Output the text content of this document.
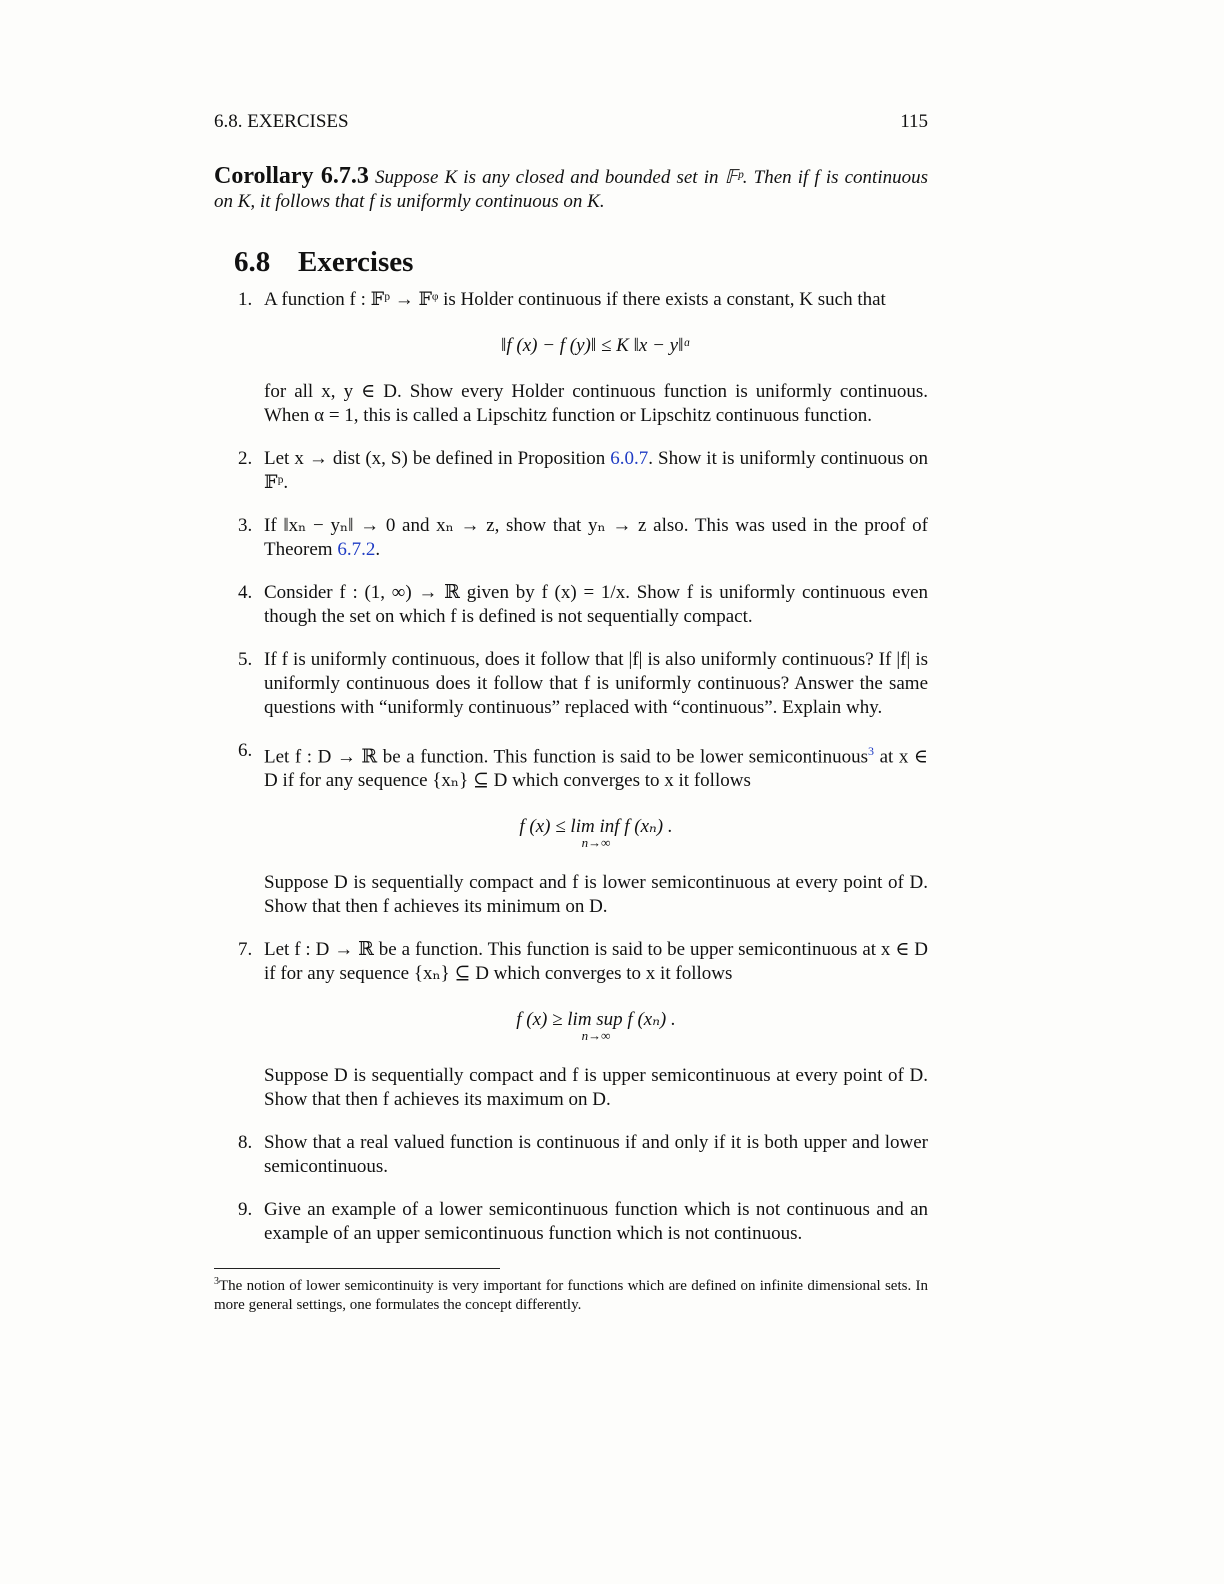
6.8. EXERCISES	115
Corollary 6.7.3 Suppose K is any closed and bounded set in 𝔽ᵖ. Then if f is continuous on K, it follows that f is uniformly continuous on K.
6.8 Exercises
1. A function f : 𝔽ᵖ → 𝔽ᵠ is Holder continuous if there exists a constant, K such that
‖f (x) − f (y)‖ ≤ K ‖x − y‖ᵅ
for all x, y ∈ D. Show every Holder continuous function is uniformly continuous. When α = 1, this is called a Lipschitz function or Lipschitz continuous function.
2. Let x → dist (x, S) be defined in Proposition 6.0.7. Show it is uniformly continuous on 𝔽ᵖ.
3. If ‖xₙ − yₙ‖ → 0 and xₙ → z, show that yₙ → z also. This was used in the proof of Theorem 6.7.2.
4. Consider f : (1, ∞) → ℝ given by f (x) = 1/x. Show f is uniformly continuous even though the set on which f is defined is not sequentially compact.
5. If f is uniformly continuous, does it follow that |f| is also uniformly continuous? If |f| is uniformly continuous does it follow that f is uniformly continuous? Answer the same questions with “uniformly continuous” replaced with “continuous”. Explain why.
6. Let f : D → ℝ be a function. This function is said to be lower semicontinuous$^3$ at x ∈ D if for any sequence {xₙ} ⊆ D which converges to x it follows
f (x) ≤ lim inf f (xₙ) .
n→∞
Suppose D is sequentially compact and f is lower semicontinuous at every point of D. Show that then f achieves its minimum on D.
7. Let f : D → ℝ be a function. This function is said to be upper semicontinuous at x ∈ D if for any sequence {xₙ} ⊆ D which converges to x it follows
f (x) ≥ lim sup f (xₙ) .
n→∞
Suppose D is sequentially compact and f is upper semicontinuous at every point of D. Show that then f achieves its maximum on D.
8. Show that a real valued function is continuous if and only if it is both upper and lower semicontinuous.
9. Give an example of a lower semicontinuous function which is not continuous and an example of an upper semicontinuous function which is not continuous.
$^3$The notion of lower semicontinuity is very important for functions which are defined on infinite dimensional sets. In more general settings, one formulates the concept differently.
